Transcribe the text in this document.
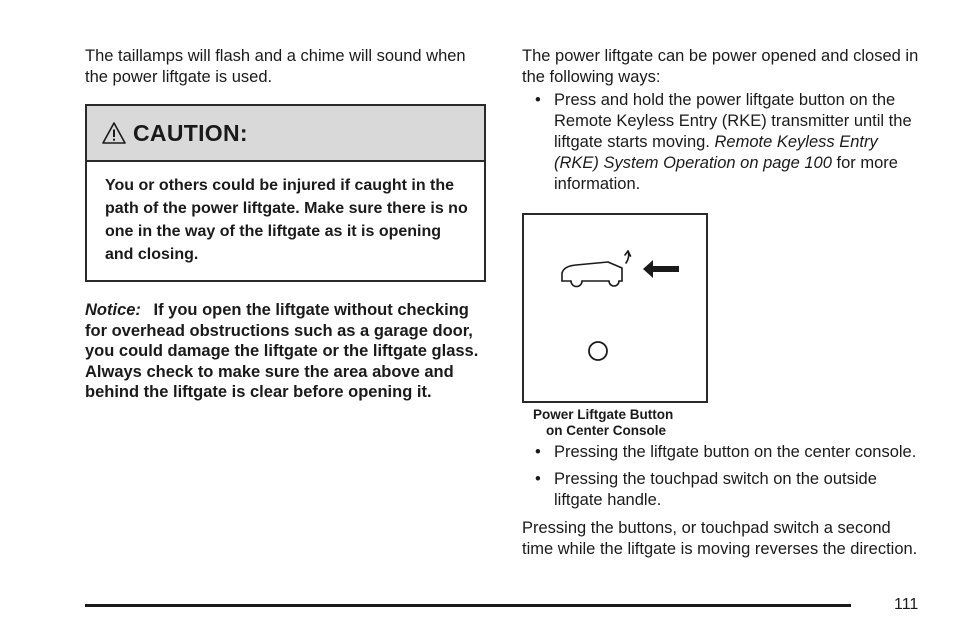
The taillamps will flash and a chime will sound when the power liftgate is used.

CAUTION:
You or others could be injured if caught in the path of the power liftgate. Make sure there is no one in the way of the liftgate as it is opening and closing.

Notice: If you open the liftgate without checking for overhead obstructions such as a garage door, you could damage the liftgate or the liftgate glass. Always check to make sure the area above and behind the liftgate is clear before opening it.

The power liftgate can be power opened and closed in the following ways:

• Press and hold the power liftgate button on the Remote Keyless Entry (RKE) transmitter until the liftgate starts moving. Remote Keyless Entry (RKE) System Operation on page 100 for more information.
Power Liftgate Button
on Center Console
• Pressing the liftgate button on the center console.
• Pressing the touchpad switch on the outside liftgate handle.

Pressing the buttons, or touchpad switch a second time while the liftgate is moving reverses the direction.

111
